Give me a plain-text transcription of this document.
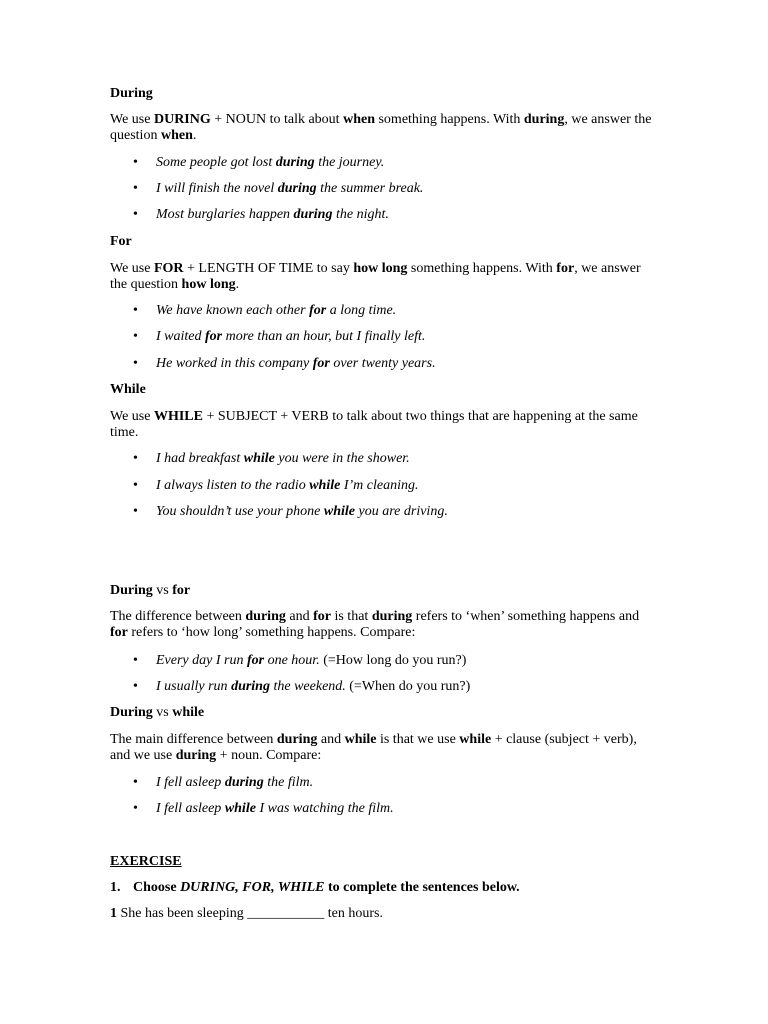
During

We use DURING + NOUN to talk about when something happens. With during, we answer the question when.

• Some people got lost during the journey.
• I will finish the novel during the summer break.
• Most burglaries happen during the night.
For

We use FOR + LENGTH OF TIME to say how long something happens. With for, we answer the question how long.

• We have known each other for a long time.
• I waited for more than an hour, but I finally left.
• He worked in this company for over twenty years.
While

We use WHILE + SUBJECT + VERB to talk about two things that are happening at the same time.

• I had breakfast while you were in the shower.
• I always listen to the radio while I’m cleaning.
• You shouldn’t use your phone while you are driving.
During vs for

The difference between during and for is that during refers to ‘when’ something happens and for refers to ‘how long’ something happens. Compare:

• Every day I run for one hour. (=How long do you run?)
• I usually run during the weekend. (=When do you run?)
During vs while

The main difference between during and while is that we use while + clause (subject + verb), and we use during + noun. Compare:

• I fell asleep during the film.
• I fell asleep while I was watching the film.
EXERCISE
1. Choose DURING, FOR, WHILE to complete the sentences below.
1 She has been sleeping ___________ ten hours.
